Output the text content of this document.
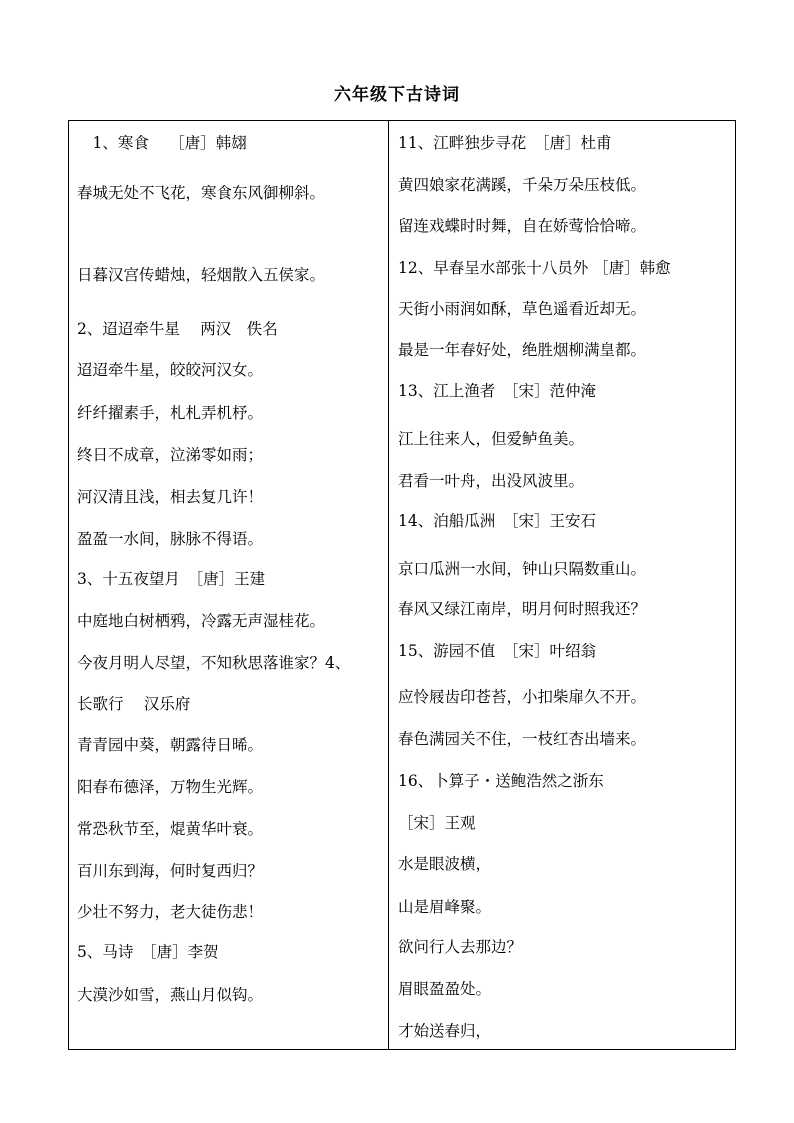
六年级下古诗词
　1、寒食　 ［唐］韩翃
春城无处不飞花，寒食东风御柳斜。
日暮汉宫传蜡烛，轻烟散入五侯家。
2、迢迢牵牛星　 两汉　佚名
迢迢牵牛星，皎皎河汉女。
纤纤擢素手，札札弄机杼。
终日不成章，泣涕零如雨；
河汉清且浅，相去复几许！
盈盈一水间，脉脉不得语。
3、十五夜望月　［唐］王建
中庭地白树栖鸦，冷露无声湿桂花。
今夜月明人尽望，不知秋思落谁家？4、
长歌行　 汉乐府
青青园中葵，朝露待日晞。
阳春布德泽，万物生光辉。
常恐秋节至，焜黄华叶衰。
百川东到海，何时复西归？
少壮不努力，老大徒伤悲！
5、马诗　［唐］李贺
大漠沙如雪，燕山月似钩。
11、江畔独步寻花　［唐］杜甫
黄四娘家花满蹊，千朵万朵压枝低。
留连戏蝶时时舞，自在娇莺恰恰啼。
12、早春呈水部张十八员外 ［唐］韩愈
天街小雨润如酥，草色遥看近却无。
最是一年春好处，绝胜烟柳满皇都。
13、江上渔者　［宋］范仲淹
江上往来人，但爱鲈鱼美。
君看一叶舟，出没风波里。
14、泊船瓜洲　［宋］王安石
京口瓜洲一水间，钟山只隔数重山。
春风又绿江南岸，明月何时照我还？
15、游园不值　［宋］叶绍翁
应怜屐齿印苍苔，小扣柴扉久不开。
春色满园关不住，一枝红杏出墙来。
16、卜算子・送鲍浩然之浙东
［宋］王观
水是眼波横，
山是眉峰聚。
欲问行人去那边？
眉眼盈盈处。
才始送春归，
